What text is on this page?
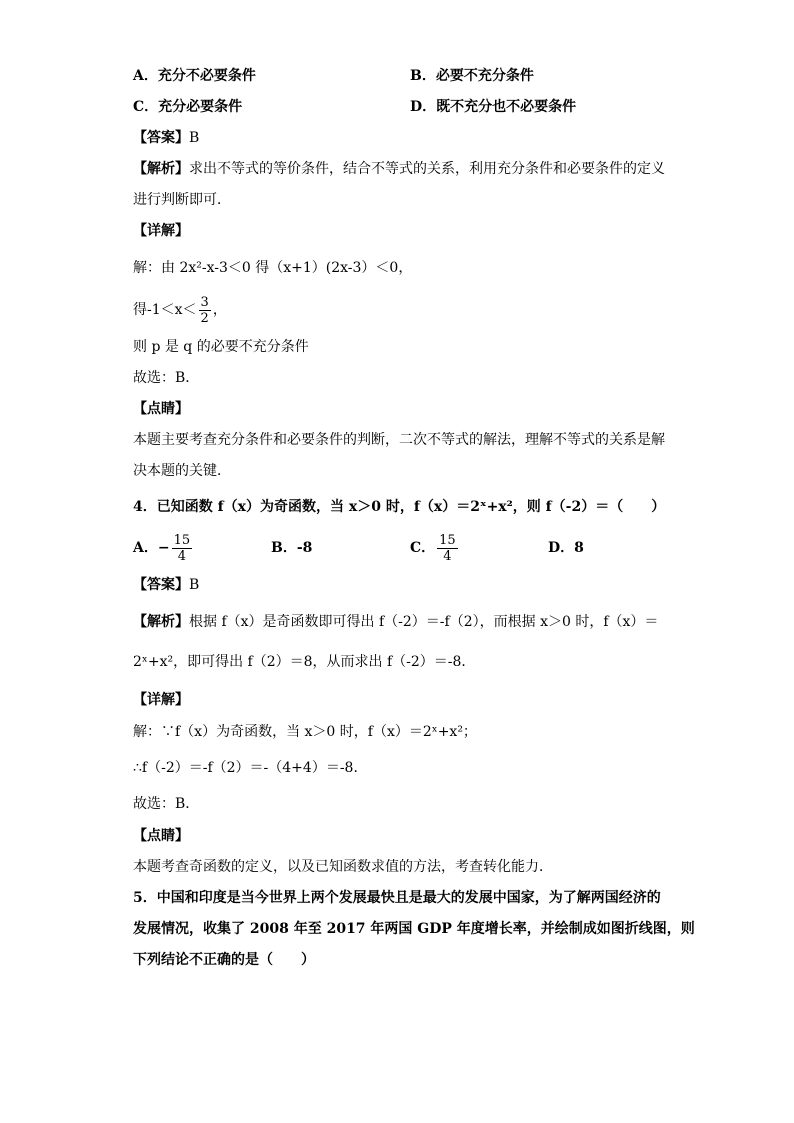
A．充分不必要条件	B．必要不充分条件
C．充分必要条件	D．既不充分也不必要条件
【答案】B
【解析】求出不等式的等价条件，结合不等式的关系，利用充分条件和必要条件的定义
进行判断即可．
【详解】
解：由 2x²-x-3＜0 得（x+1）(2x-3）＜0，
得$-1<x< \frac{3}{2}$ ，
则 p 是 q 的必要不充分条件
故选：B．
【点睛】
本题主要考查充分条件和必要条件的判断，二次不等式的解法，理解不等式的关系是解
决本题的关键．
4．已知函数 f（x）为奇函数，当 x＞0 时，f（x）＝2ˣ+x²，则 f（-2）＝（　　）
A．− $\frac{15}{4}$	B．-8	C． $\frac{15}{4}$	D．8
【答案】B
【解析】根据 f（x）是奇函数即可得出 f（-2）＝-f（2），而根据 x＞0 时，f（x）＝
2ˣ+x²，即可得出 f（2）＝8，从而求出 f（-2）＝-8．
【详解】
解：∵f（x）为奇函数，当 x＞0 时，f（x）＝2ˣ+x²；
∴f（-2）＝-f（2）＝-（4+4）＝-8．
故选：B．
【点睛】
本题考查奇函数的定义，以及已知函数求值的方法，考查转化能力．
5．中国和印度是当今世界上两个发展最快且是最大的发展中国家，为了解两国经济的
发展情况，收集了 2008 年至 2017 年两国 GDP 年度增长率，并绘制成如图折线图，则
下列结论不正确的是（　　）
